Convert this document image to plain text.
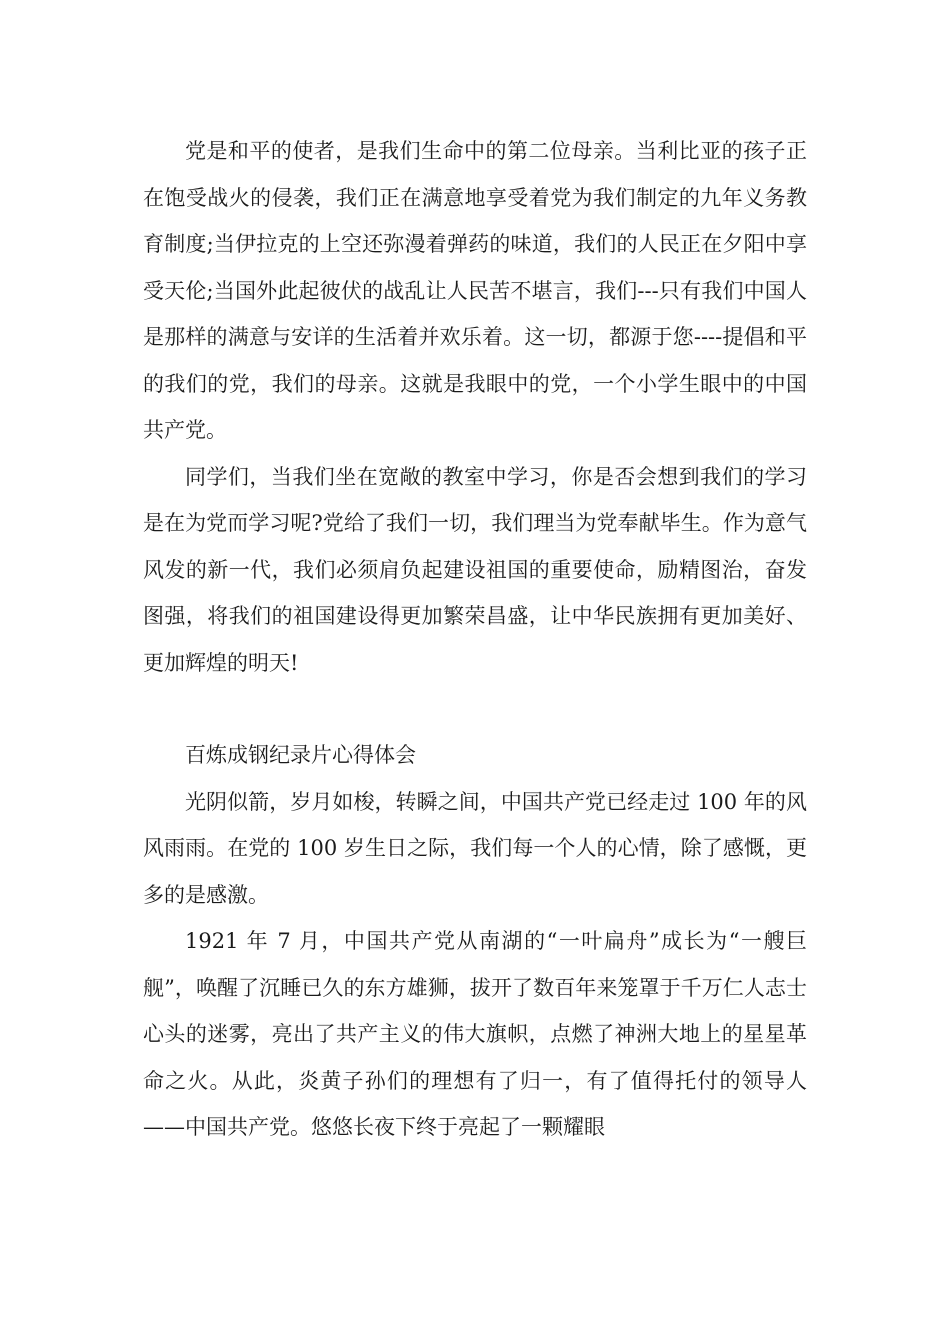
党是和平的使者，是我们生命中的第二位母亲。当利比亚的孩子正在饱受战火的侵袭，我们正在满意地享受着党为我们制定的九年义务教育制度;当伊拉克的上空还弥漫着弹药的味道，我们的人民正在夕阳中享受天伦;当国外此起彼伏的战乱让人民苦不堪言，我们---只有我们中国人是那样的满意与安详的生活着并欢乐着。这一切，都源于您----提倡和平的我们的党，我们的母亲。这就是我眼中的党，一个小学生眼中的中国共产党。

同学们，当我们坐在宽敞的教室中学习，你是否会想到我们的学习是在为党而学习呢?党给了我们一切，我们理当为党奉献毕生。作为意气风发的新一代，我们必须肩负起建设祖国的重要使命，励精图治，奋发图强，将我们的祖国建设得更加繁荣昌盛，让中华民族拥有更加美好、更加辉煌的明天!

百炼成钢纪录片心得体会

光阴似箭，岁月如梭，转瞬之间，中国共产党已经走过 100 年的风风雨雨。在党的 100 岁生日之际，我们每一个人的心情，除了感慨，更多的是感激。

1921 年 7 月，中国共产党从南湖的“一叶扁舟”成长为“一艘巨舰”，唤醒了沉睡已久的东方雄狮，拔开了数百年来笼罩于千万仁人志士心头的迷雾，亮出了共产主义的伟大旗帜，点燃了神洲大地上的星星革命之火。从此，炎黄子孙们的理想有了归一，有了值得托付的领导人——中国共产党。悠悠长夜下终于亮起了一颗耀眼
